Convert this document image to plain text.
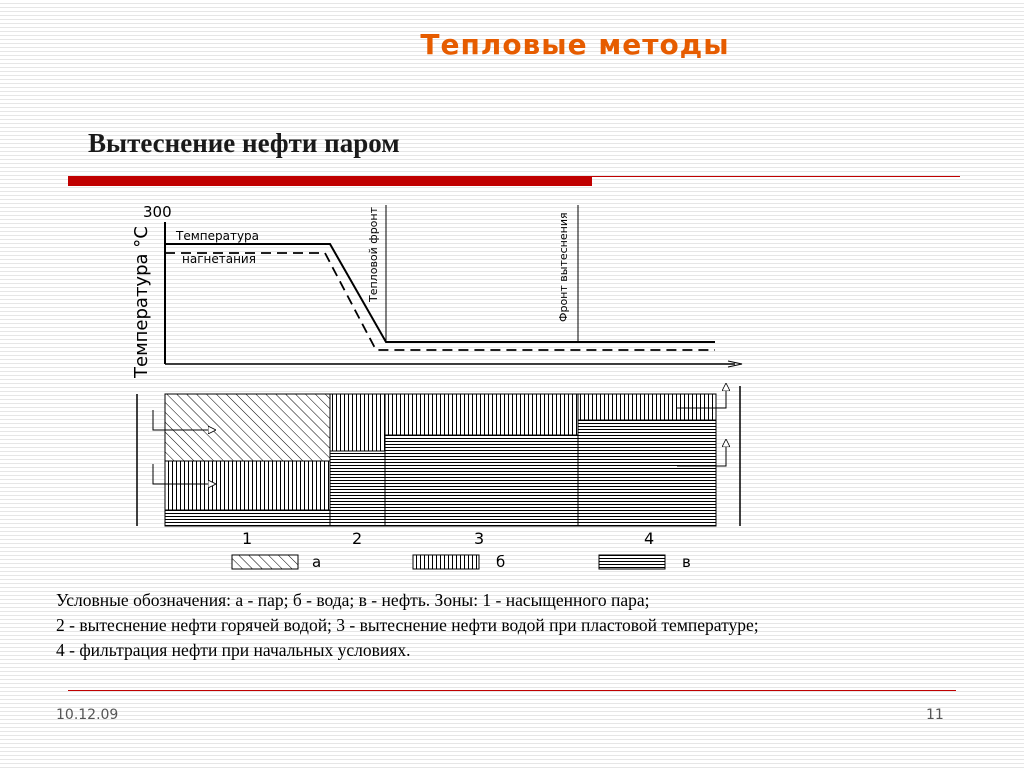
Тепловые методы
Вытеснение нефти паром
300
Температура °С Температура
нагнетания	Тепловой фронт	Фронт вытеснения
1	2	3	4
а	б	в
Условные обозначения: а - пар; б - вода; в - нефть. Зоны: 1 - насыщенного пара;
2 - вытеснение нефти горячей водой; 3 - вытеснение нефти водой при пластовой температуре;
4 - фильтрация нефти при начальных условиях.
10.12.09	11
